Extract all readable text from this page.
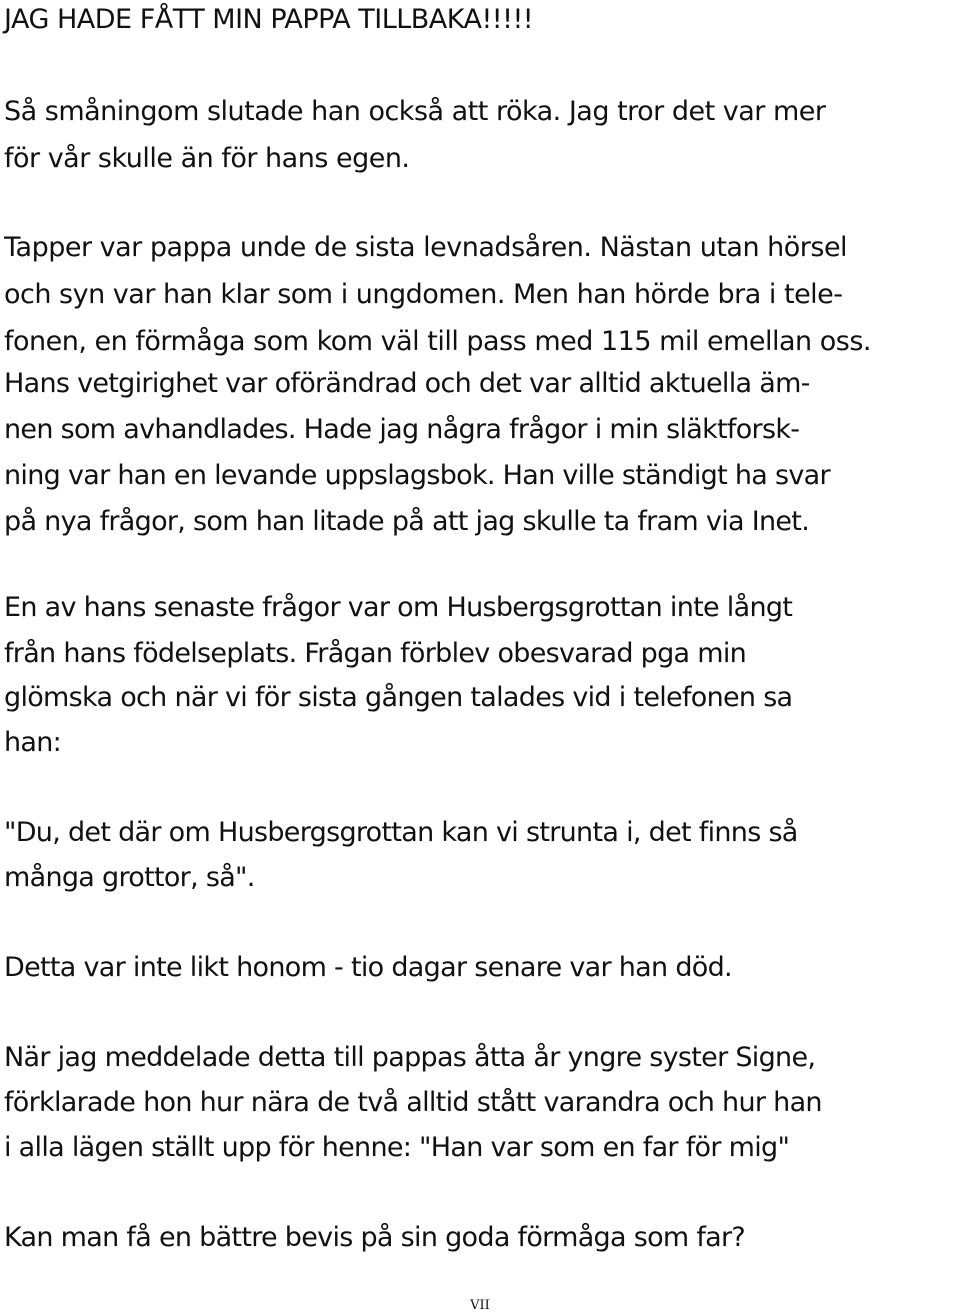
JAG HADE FÅTT MIN PAPPA TILLBAKA!!!!!
Så småningom slutade han också att röka. Jag tror det var mer
för vår skulle än för hans egen.
Tapper var pappa unde de sista levnadsåren. Nästan utan hörsel
och syn var han klar som i ungdomen. Men han hörde bra i tele-
fonen, en förmåga som kom väl till pass med 115 mil emellan oss.
Hans vetgirighet var oförändrad och det var alltid aktuella äm-
nen som avhandlades. Hade jag några frågor i min släktforsk-
ning var han en levande uppslagsbok. Han ville ständigt ha svar
på nya frågor, som han litade på att jag skulle ta fram via Inet.
En av hans senaste frågor var om Husbergsgrottan inte långt
från hans födelseplats. Frågan förblev obesvarad pga min
glömska och när vi för sista gången talades vid i telefonen sa
han:
"Du, det där om Husbergsgrottan kan vi strunta i, det finns så
många grottor, så".
Detta var inte likt honom - tio dagar senare var han död.
När jag meddelade detta till pappas åtta år yngre syster Signe,
förklarade hon hur nära de två alltid stått varandra och hur han
i alla lägen ställt upp för henne: "Han var som en far för mig"
Kan man få en bättre bevis på sin goda förmåga som far?
VII
